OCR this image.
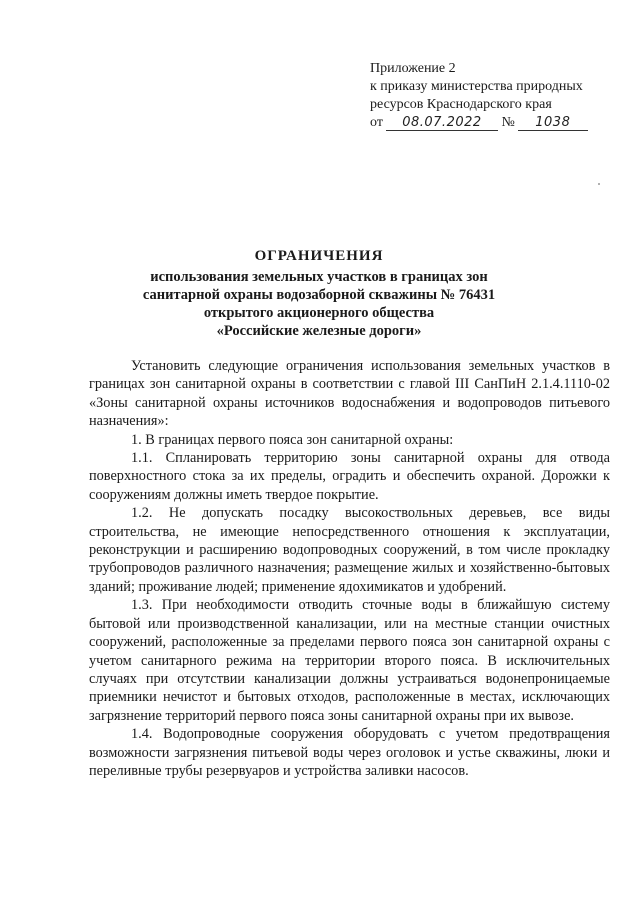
Приложение 2
к приказу министерства природных
ресурсов Краснодарского края
от 08.07.2022 № 1038
ОГРАНИЧЕНИЯ
использования земельных участков в границах зон
санитарной охраны водозаборной скважины № 76431
открытого акционерного общества
«Российские железные дороги»

Установить следующие ограничения использования земельных участков в границах зон санитарной охраны в соответствии с главой III СанПиН 2.1.4.1110-02 «Зоны санитарной охраны источников водоснабжения и водопроводов питьевого назначения»:

1. В границах первого пояса зон санитарной охраны:

1.1. Спланировать территорию зоны санитарной охраны для отвода поверхностного стока за их пределы, оградить и обеспечить охраной. Дорожки к сооружениям должны иметь твердое покрытие.

1.2. Не допускать посадку высокоствольных деревьев, все виды строительства, не имеющие непосредственного отношения к эксплуатации, реконструкции и расширению водопроводных сооружений, в том числе прокладку трубопроводов различного назначения; размещение жилых и хозяйственно-бытовых зданий; проживание людей; применение ядохимикатов и удобрений.

1.3. При необходимости отводить сточные воды в ближайшую систему бытовой или производственной канализации, или на местные станции очистных сооружений, расположенные за пределами первого пояса зон санитарной охраны с учетом санитарного режима на территории второго пояса. В исключительных случаях при отсутствии канализации должны устраиваться водонепроницаемые приемники нечистот и бытовых отходов, расположенные в местах, исключающих загрязнение территорий первого пояса зоны санитарной охраны при их вывозе.

1.4. Водопроводные сооружения оборудовать с учетом предотвращения возможности загрязнения питьевой воды через оголовок и устье скважины, люки и переливные трубы резервуаров и устройства заливки насосов.
